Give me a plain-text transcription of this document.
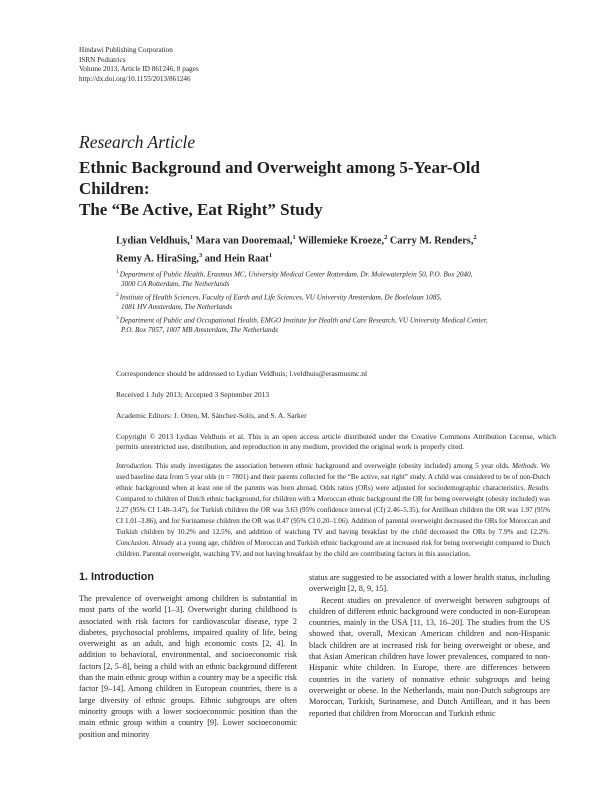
Hindawi Publishing Corporation
ISRN Pediatrics
Volume 2013, Article ID 861246, 8 pages
http://dx.doi.org/10.1155/2013/861246
Research Article
Ethnic Background and Overweight among 5-Year-Old Children:
The “Be Active, Eat Right” Study
Lydian Veldhuis,$^1$ Mara van Dooremaal,$^1$ Willemieke Kroeze,$^2$ Carry M. Renders,$^2$
Remy A. HiraSing,$^3$ and Hein Raat$^1$
$^1$Department of Public Health, Erasmus MC, University Medical Center Rotterdam, Dr. Molewaterplein 50, P.O. Box 2040,
3000 CA Rotterdam, The Netherlands
$^2$Institute of Health Sciences, Faculty of Earth and Life Sciences, VU University Amsterdam, De Boelelaan 1085,
1081 HV Amsterdam, The Netherlands
$^3$Department of Public and Occupational Health, EMGO Institute for Health and Care Research, VU University Medical Center,
P.O. Box 7057, 1007 MB Amsterdam, The Netherlands
Correspondence should be addressed to Lydian Veldhuis; l.veldhuis@erasmusmc.nl
Received 1 July 2013; Accepted 3 September 2013
Academic Editors: J. Otten, M. Sánchez-Solís, and S. A. Sarker
Copyright © 2013 Lydian Veldhuis et al. This is an open access article distributed under the Creative Commons Attribution License, which permits unrestricted use, distribution, and reproduction in any medium, provided the original work is properly cited.
Introduction. This study investigates the association between ethnic background and overweight (obesity included) among 5 year olds. Methods. We used baseline data from 5 year olds (n = 7801) and their parents collected for the “Be active, eat right” study. A child was considered to be of non-Dutch ethnic background when at least one of the parents was born abroad. Odds ratios (ORs) were adjusted for sociodemographic characteristics. Results. Compared to children of Dutch ethnic background, for children with a Moroccan ethnic background the OR for being overweight (obesity included) was 2.27 (95% CI 1.48–3.47), for Turkish children the OR was 3.63 (95% confidence interval (CI) 2.46–5.35), for Antillean children the OR was 1.97 (95% CI 1.01–3.86), and for Surinamese children the OR was 0.47 (95% CI 0.20–1.06). Addition of parental overweight decreased the ORs for Moroccan and Turkish children by 10.2% and 12.5%, and addition of watching TV and having breakfast by the child decreased the ORs by 7.9% and 12.2%. Conclusion. Already at a young age, children of Moroccan and Turkish ethnic background are at increased risk for being overweight compared to Dutch children. Parental overweight, watching TV, and not having breakfast by the child are contributing factors in this association.
1. Introduction

The prevalence of overweight among children is substantial in most parts of the world [1–3]. Overweight during childhood is associated with risk factors for cardiovascular disease, type 2 diabetes, psychosocial problems, impaired quality of life, being overweight as an adult, and high economic costs [2, 4]. In addition to behavioral, environmental, and socioeconomic risk factors [2, 5–8], being a child with an ethnic background different than the main ethnic group within a country may be a specific risk factor [9–14]. Among children in European countries, there is a large diversity of ethnic groups. Ethnic subgroups are often minority groups with a lower socioeconomic position than the main ethnic group within a country [9]. Lower socioeconomic position and minority

status are suggested to be associated with a lower health status, including overweight [2, 8, 9, 15].

Recent studies on prevalence of overweight between subgroups of children of different ethnic background were conducted in non-European countries, mainly in the USA [11, 13, 16–20]. The studies from the US showed that, overall, Mexican American children and non-Hispanic black children are at increased risk for being overweight or obese, and that Asian American children have lower prevalences, compared to non-Hispanic white children. In Europe, there are differences between countries in the variety of nonnative ethnic subgroups and being overweight or obese. In the Netherlands, main non-Dutch subgroups are Moroccan, Turkish, Surinamese, and Dutch Antillean, and it has been reported that children from Moroccan and Turkish ethnic
